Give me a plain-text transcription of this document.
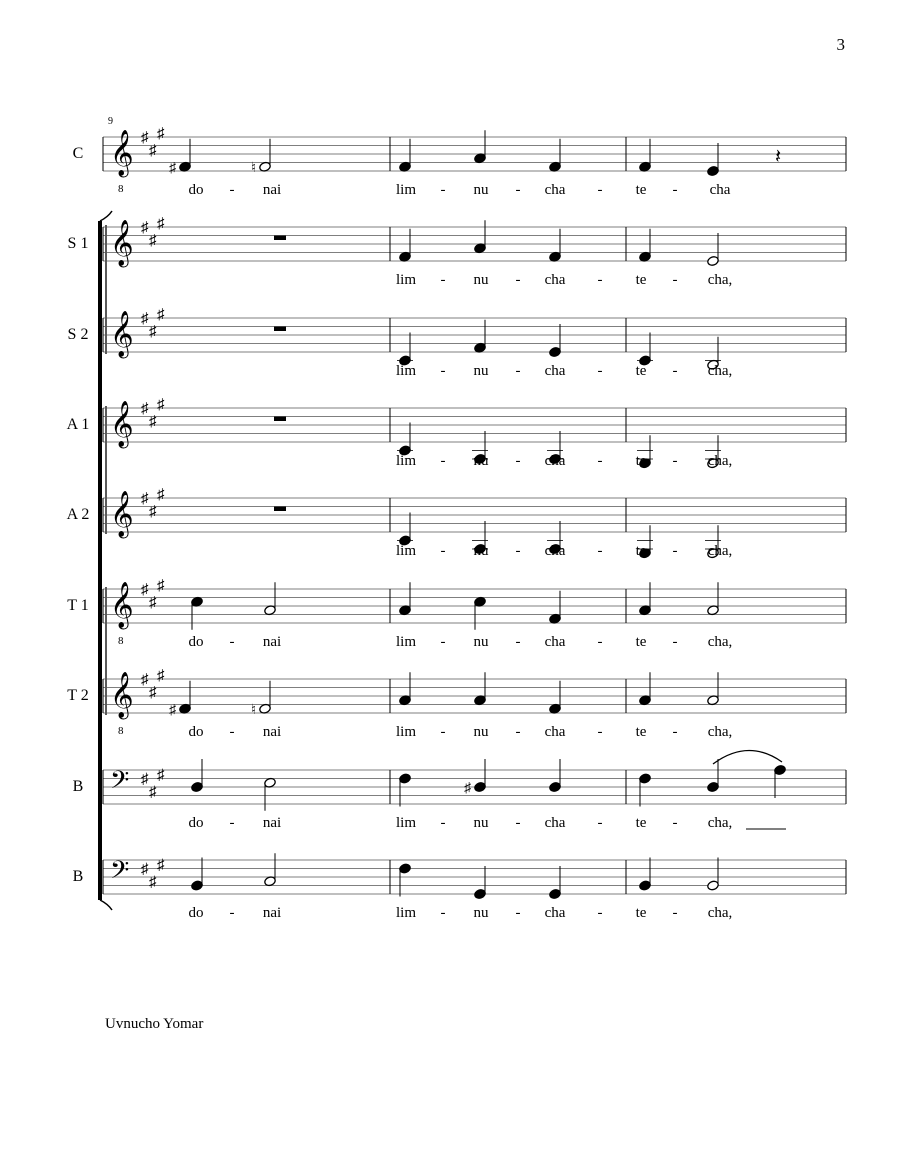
3
9
C 𝄞
8
♯
♯
♯
♯	♮
𝄽
do - nai	lim - nu - cha - te - cha
S 1 𝄞 ♯
♯
♯
lim - nu - cha - te - cha,
S 2 𝄞 ♯
♯
♯
lim - nu - cha - te - cha,
A 1 𝄞 ♯
♯
♯
lim - nu - cha - te - cha,
A 2 𝄞 ♯
♯
♯
lim - nu - cha - te - cha,
T 1 𝄞
8
♯
♯
♯
do - nai	lim - nu - cha - te - cha,
T 2 𝄞
8
♯
♯
♯
♯	♮
do - nai	lim - nu - cha - te - cha,
B 𝄢 ♯
♯
♯
♯
do - nai	lim - nu - cha - te - cha,
B 𝄢 ♯
♯
♯
do - nai	lim - nu - cha - te - cha,
Uvnucho Yomar
